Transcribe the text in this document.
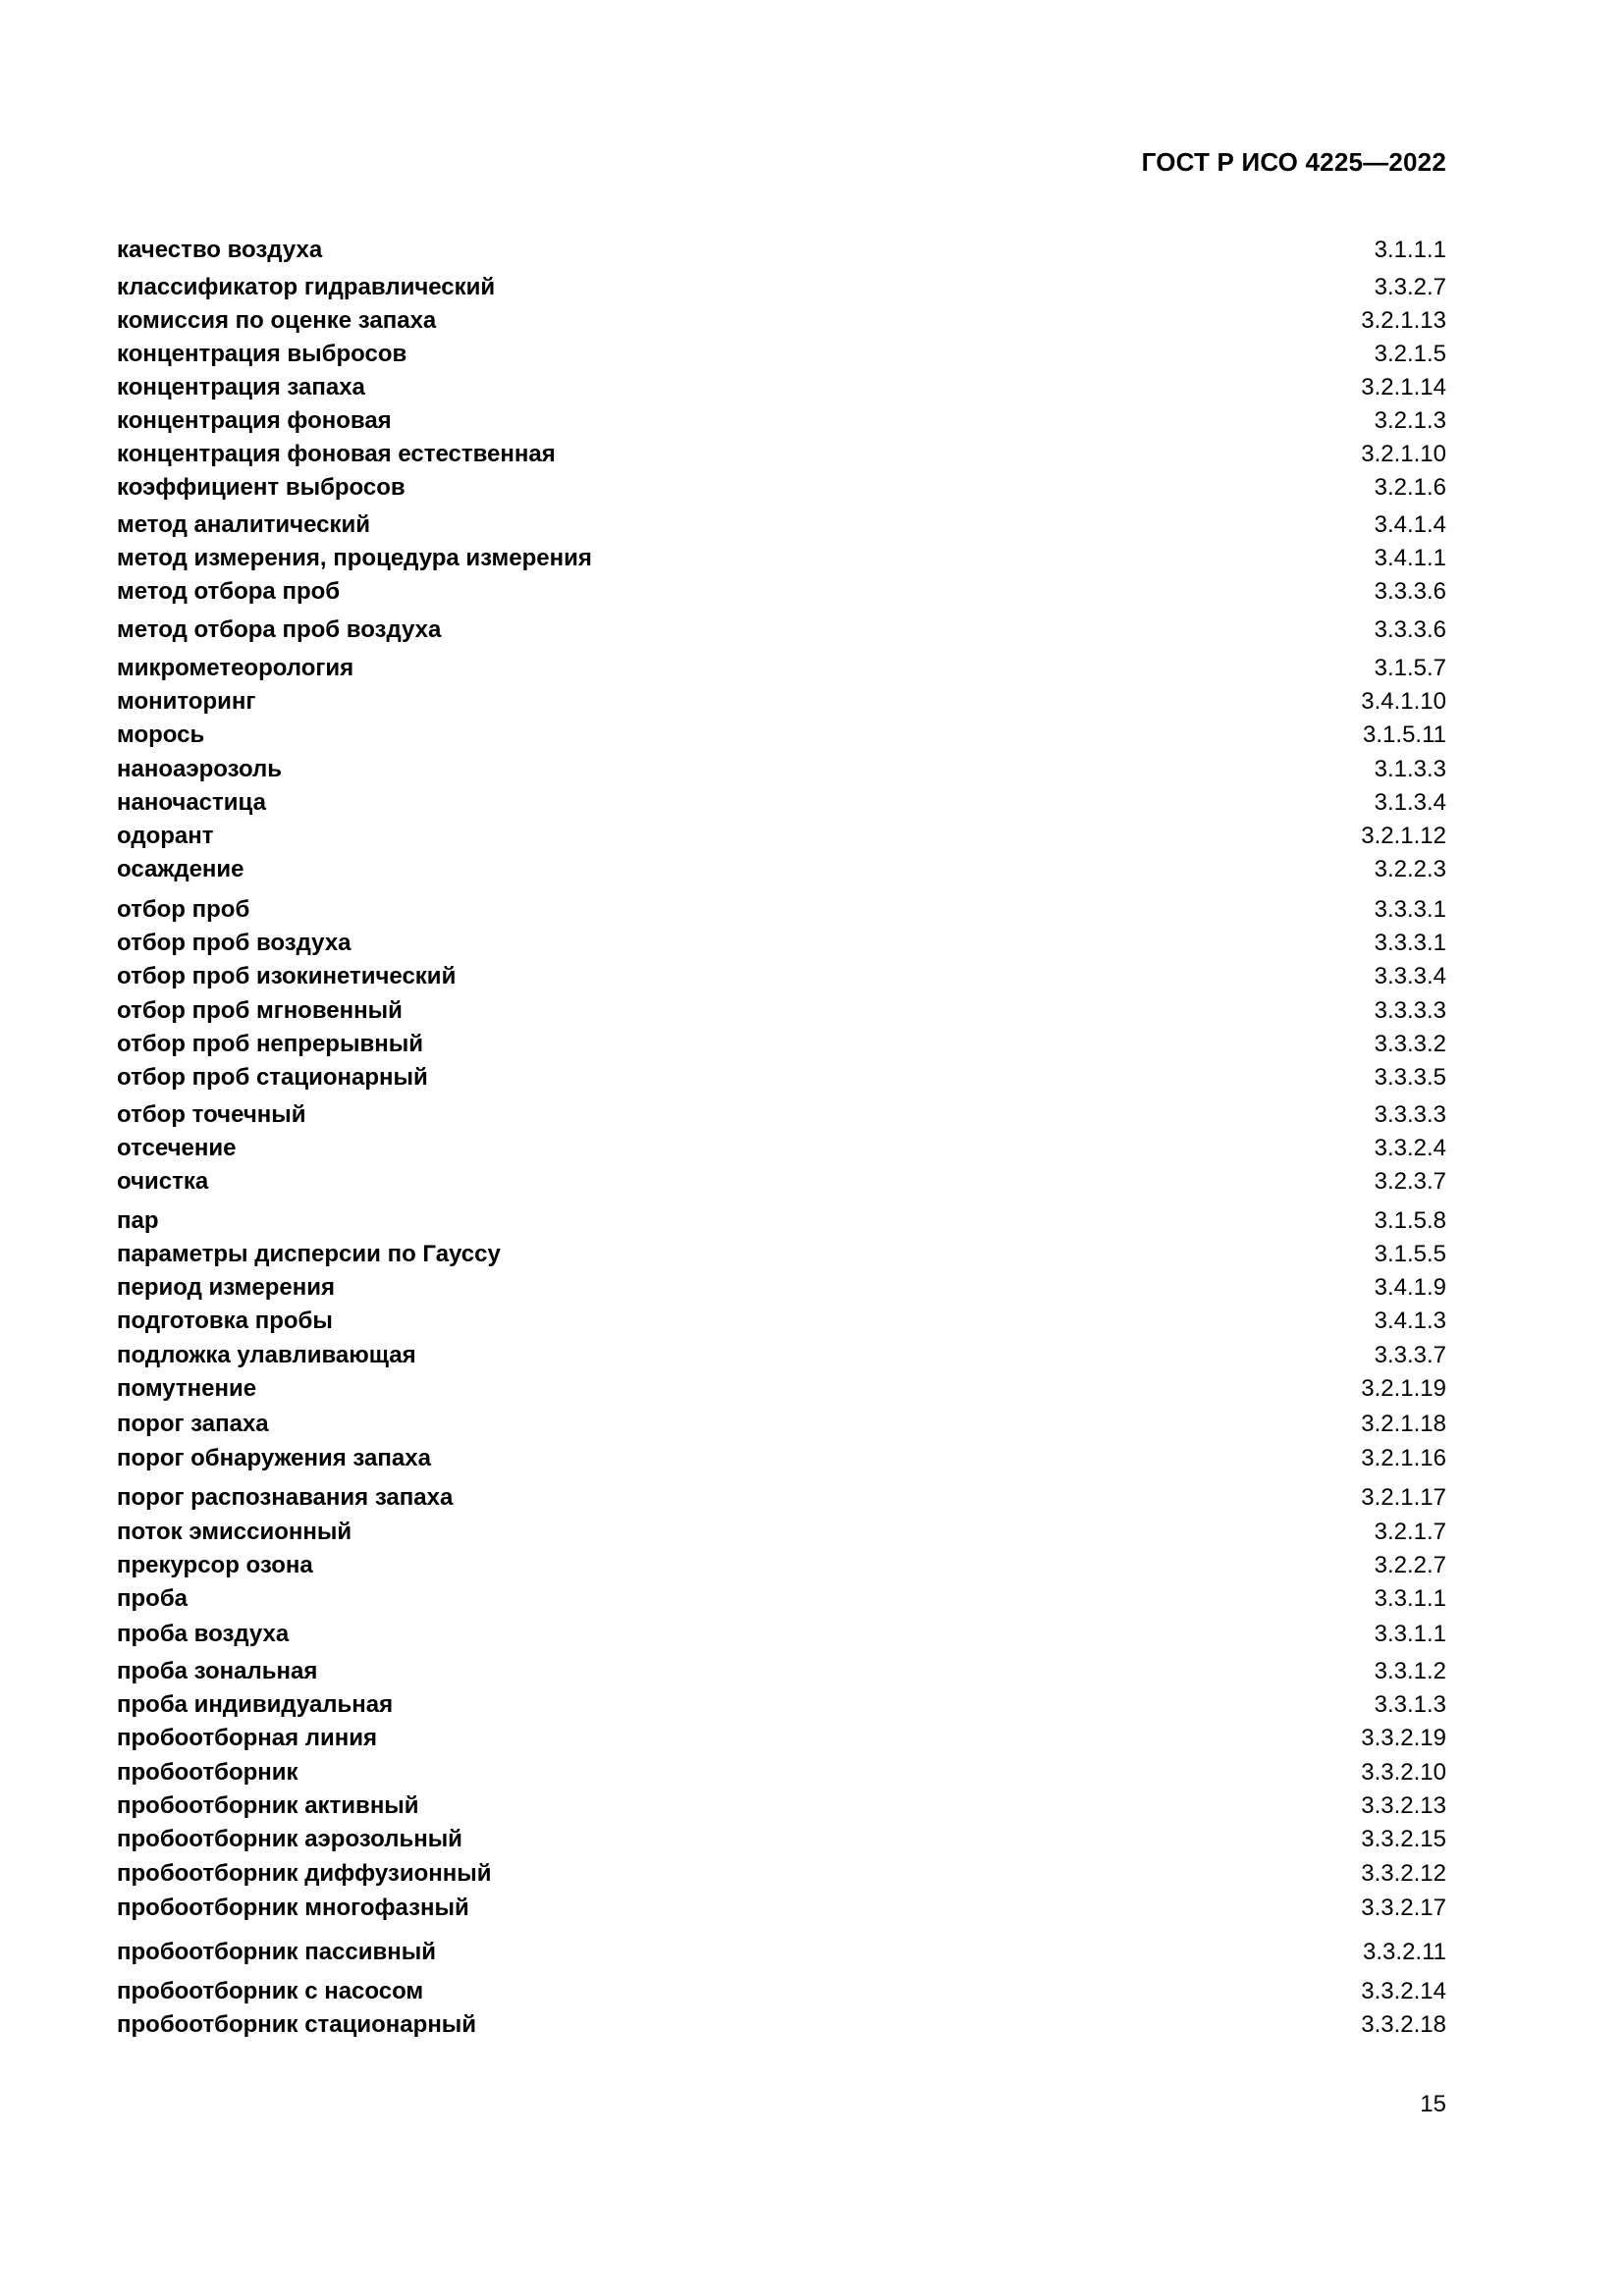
ГОСТ Р ИСО 4225—2022
качество воздуха	3.1.1.1
классификатор гидравлический	3.3.2.7
комиссия по оценке запаха	3.2.1.13
концентрация выбросов	3.2.1.5
концентрация запаха	3.2.1.14
концентрация фоновая	3.2.1.3
концентрация фоновая естественная	3.2.1.10
коэффициент выбросов	3.2.1.6
метод аналитический	3.4.1.4
метод измерения, процедура измерения	3.4.1.1
метод отбора проб	3.3.3.6
метод отбора проб воздуха	3.3.3.6
микрометеорология	3.1.5.7
мониторинг	3.4.1.10
морось	3.1.5.11
наноаэрозоль	3.1.3.3
наночастица	3.1.3.4
одорант	3.2.1.12
осаждение	3.2.2.3
отбор проб	3.3.3.1
отбор проб воздуха	3.3.3.1
отбор проб изокинетический	3.3.3.4
отбор проб мгновенный	3.3.3.3
отбор проб непрерывный	3.3.3.2
отбор проб стационарный	3.3.3.5
отбор точечный	3.3.3.3
отсечение	3.3.2.4
очистка	3.2.3.7
пар	3.1.5.8
параметры дисперсии по Гауссу	3.1.5.5
период измерения	3.4.1.9
подготовка пробы	3.4.1.3
подложка улавливающая	3.3.3.7
помутнение	3.2.1.19
порог запаха	3.2.1.18
порог обнаружения запаха	3.2.1.16
порог распознавания запаха	3.2.1.17
поток эмиссионный	3.2.1.7
прекурсор озона	3.2.2.7
проба	3.3.1.1
проба воздуха	3.3.1.1
проба зональная	3.3.1.2
проба индивидуальная	3.3.1.3
пробоотборная линия	3.3.2.19
пробоотборник	3.3.2.10
пробоотборник активный	3.3.2.13
пробоотборник аэрозольный	3.3.2.15
пробоотборник диффузионный	3.3.2.12
пробоотборник многофазный	3.3.2.17
пробоотборник пассивный	3.3.2.11
пробоотборник с насосом	3.3.2.14
пробоотборник стационарный	3.3.2.18
15
